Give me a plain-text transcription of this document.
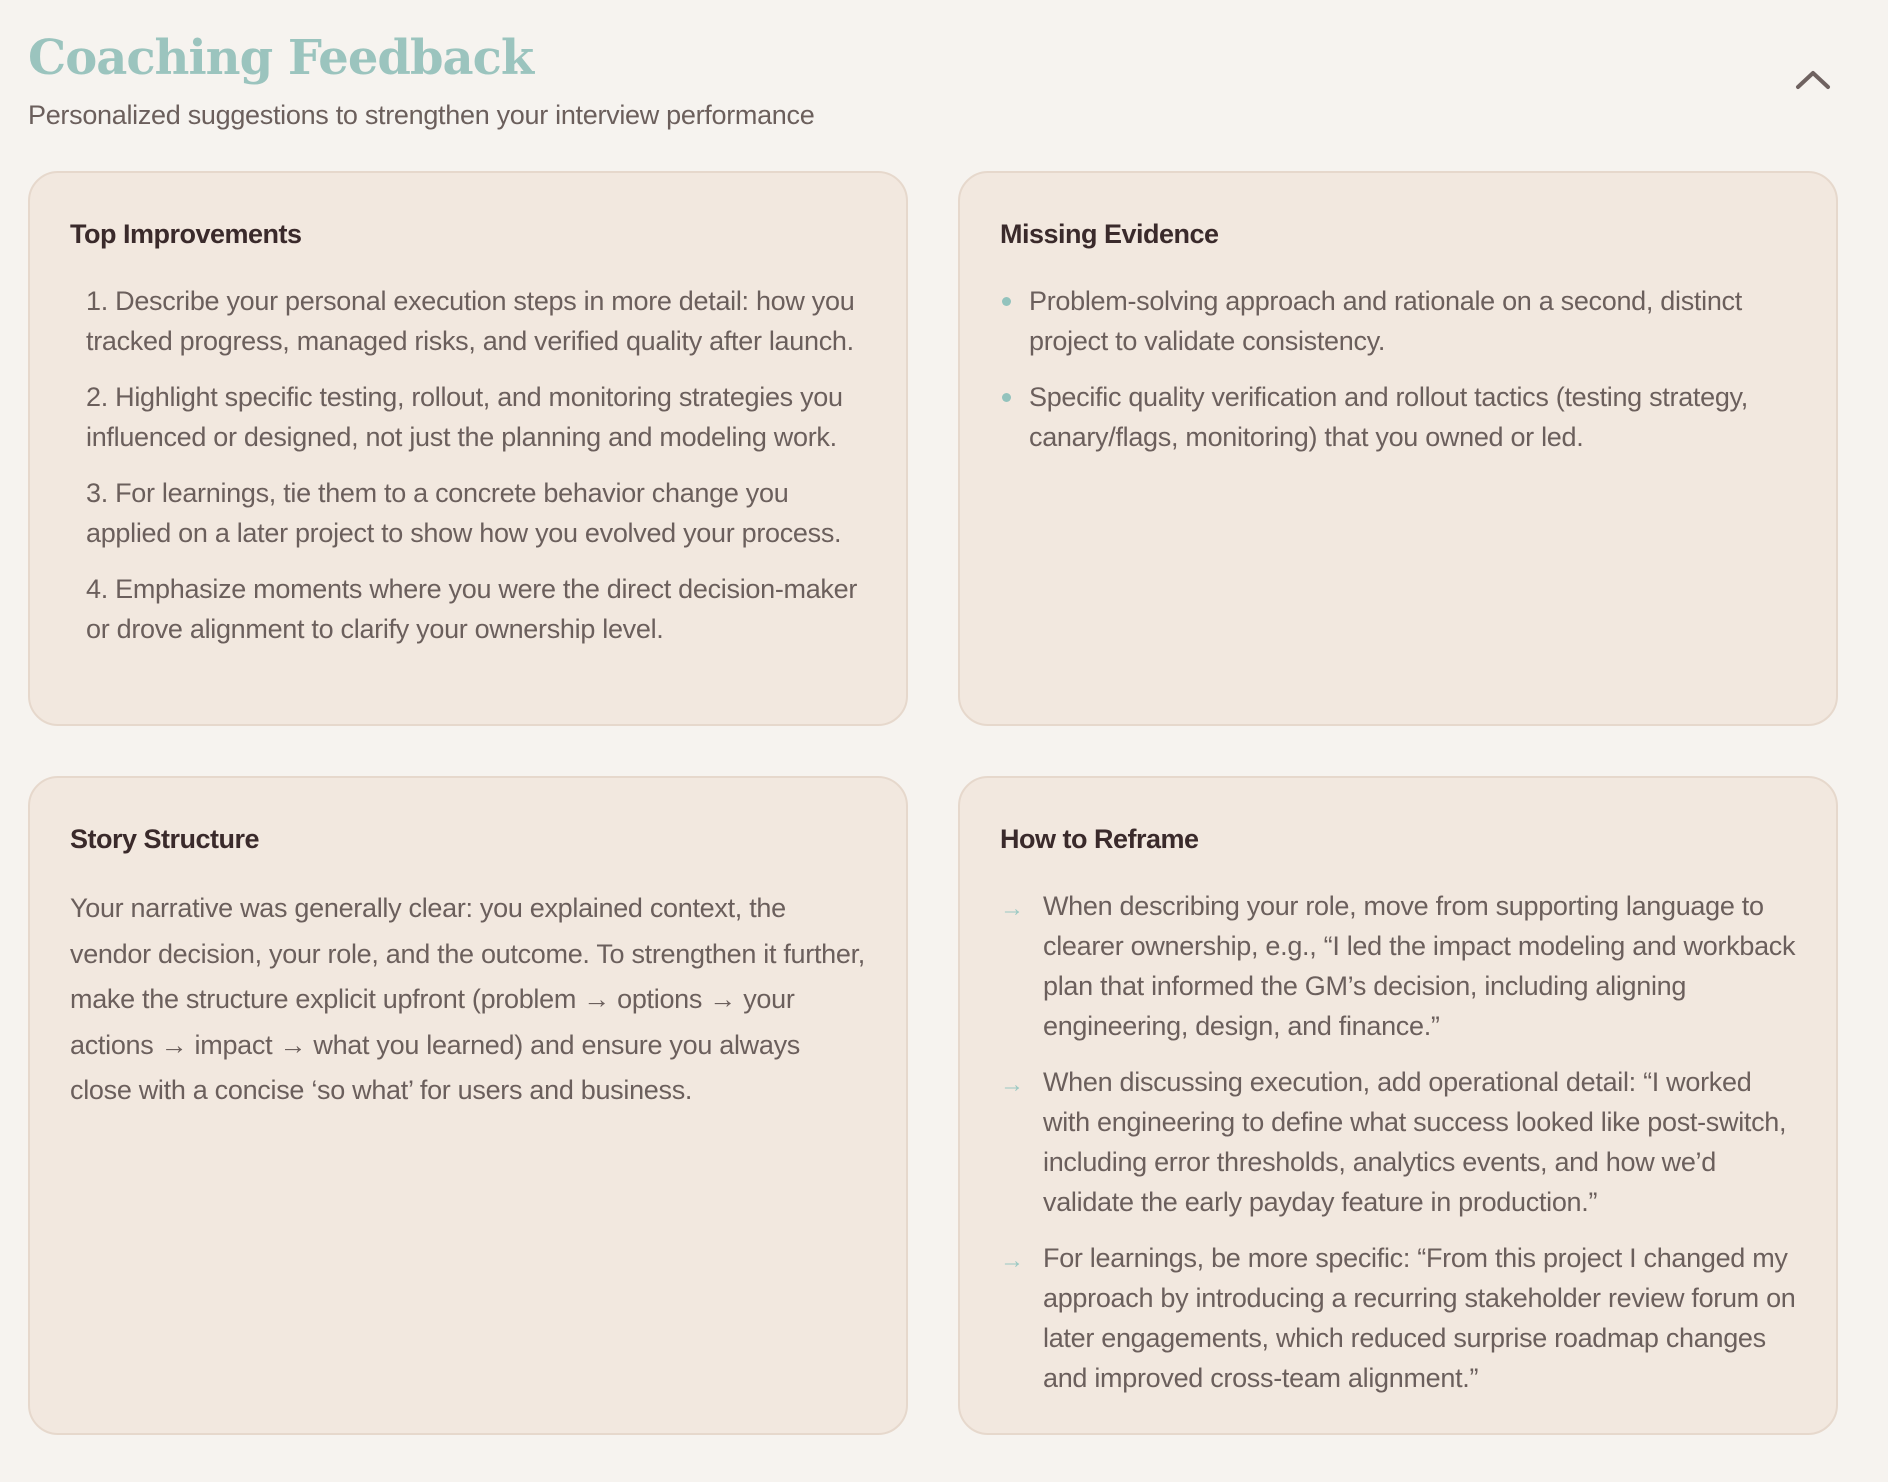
Coaching Feedback
Personalized suggestions to strengthen your interview performance
Top Improvements
1. Describe your personal execution steps in more detail: how you tracked progress, managed risks, and verified quality after launch.
2. Highlight specific testing, rollout, and monitoring strategies you influenced or designed, not just the planning and modeling work.
3. For learnings, tie them to a concrete behavior change you applied on a later project to show how you evolved your process.
4. Emphasize moments where you were the direct decision-maker or drove alignment to clarify your ownership level.
Missing Evidence
Problem-solving approach and rationale on a second, distinct project to validate consistency.
Specific quality verification and rollout tactics (testing strategy, canary/flags, monitoring) that you owned or led.
Story Structure

Your narrative was generally clear: you explained context, the vendor decision, your role, and the outcome. To strengthen it further, make the structure explicit upfront (problem → options → your actions → impact → what you learned) and ensure you always close with a concise ‘so what’ for users and business.

How to Reframe
→ When describing your role, move from supporting language to clearer ownership, e.g., “I led the impact modeling and workback plan that informed the GM’s decision, including aligning engineering, design, and finance.”
→ When discussing execution, add operational detail: “I worked with engineering to define what success looked like post-switch, including error thresholds, analytics events, and how we’d validate the early payday feature in production.”
→ For learnings, be more specific: “From this project I changed my approach by introducing a recurring stakeholder review forum on later engagements, which reduced surprise roadmap changes and improved cross-team alignment.”
